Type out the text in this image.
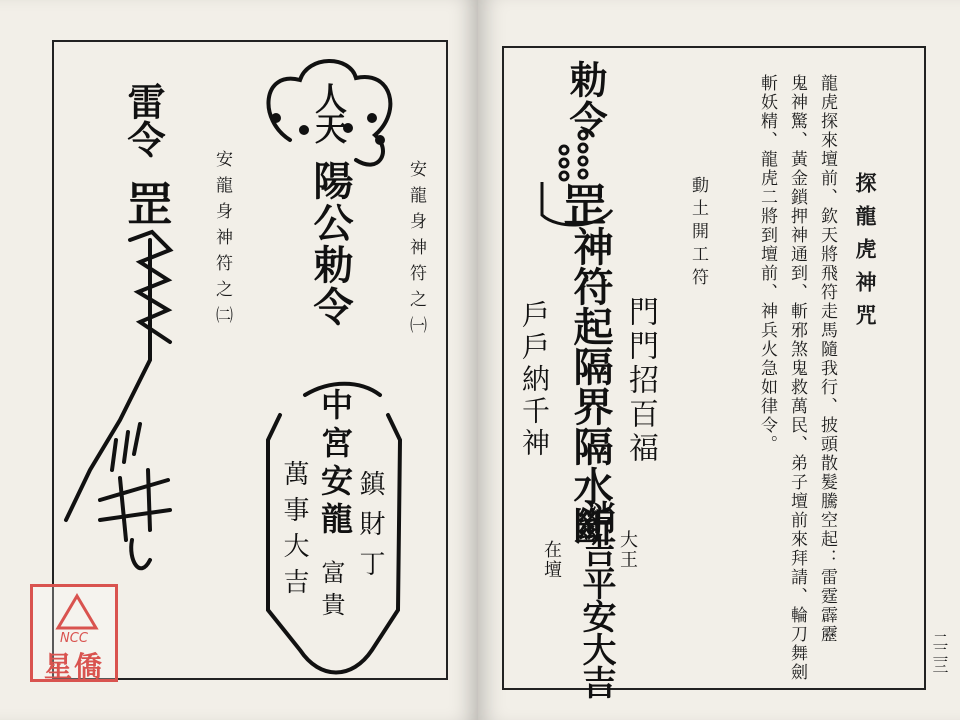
安龍身神符之㈠
安龍身神符之㈡
人天
陽公勅令
中宮安龍 鎮財丁
萬事大吉 富貴
雷令
罡	探龍虎神咒
龍虎探來壇前、欽天將飛符走馬隨我行、披頭散髮騰空起：雷霆霹靂
鬼神驚、黃金鎖押神通到、斬邪煞鬼救萬民、弟子壇前來拜請、輪刀舞劍
斬妖精、龍虎二將到壇前、神兵火急如律令。
動土開工符
勅令
罡
神符起隔界隔水斷
消吉平安大吉
門門招百福
戶戶納千神
大王
在壇
二二三
NCC
星僑
